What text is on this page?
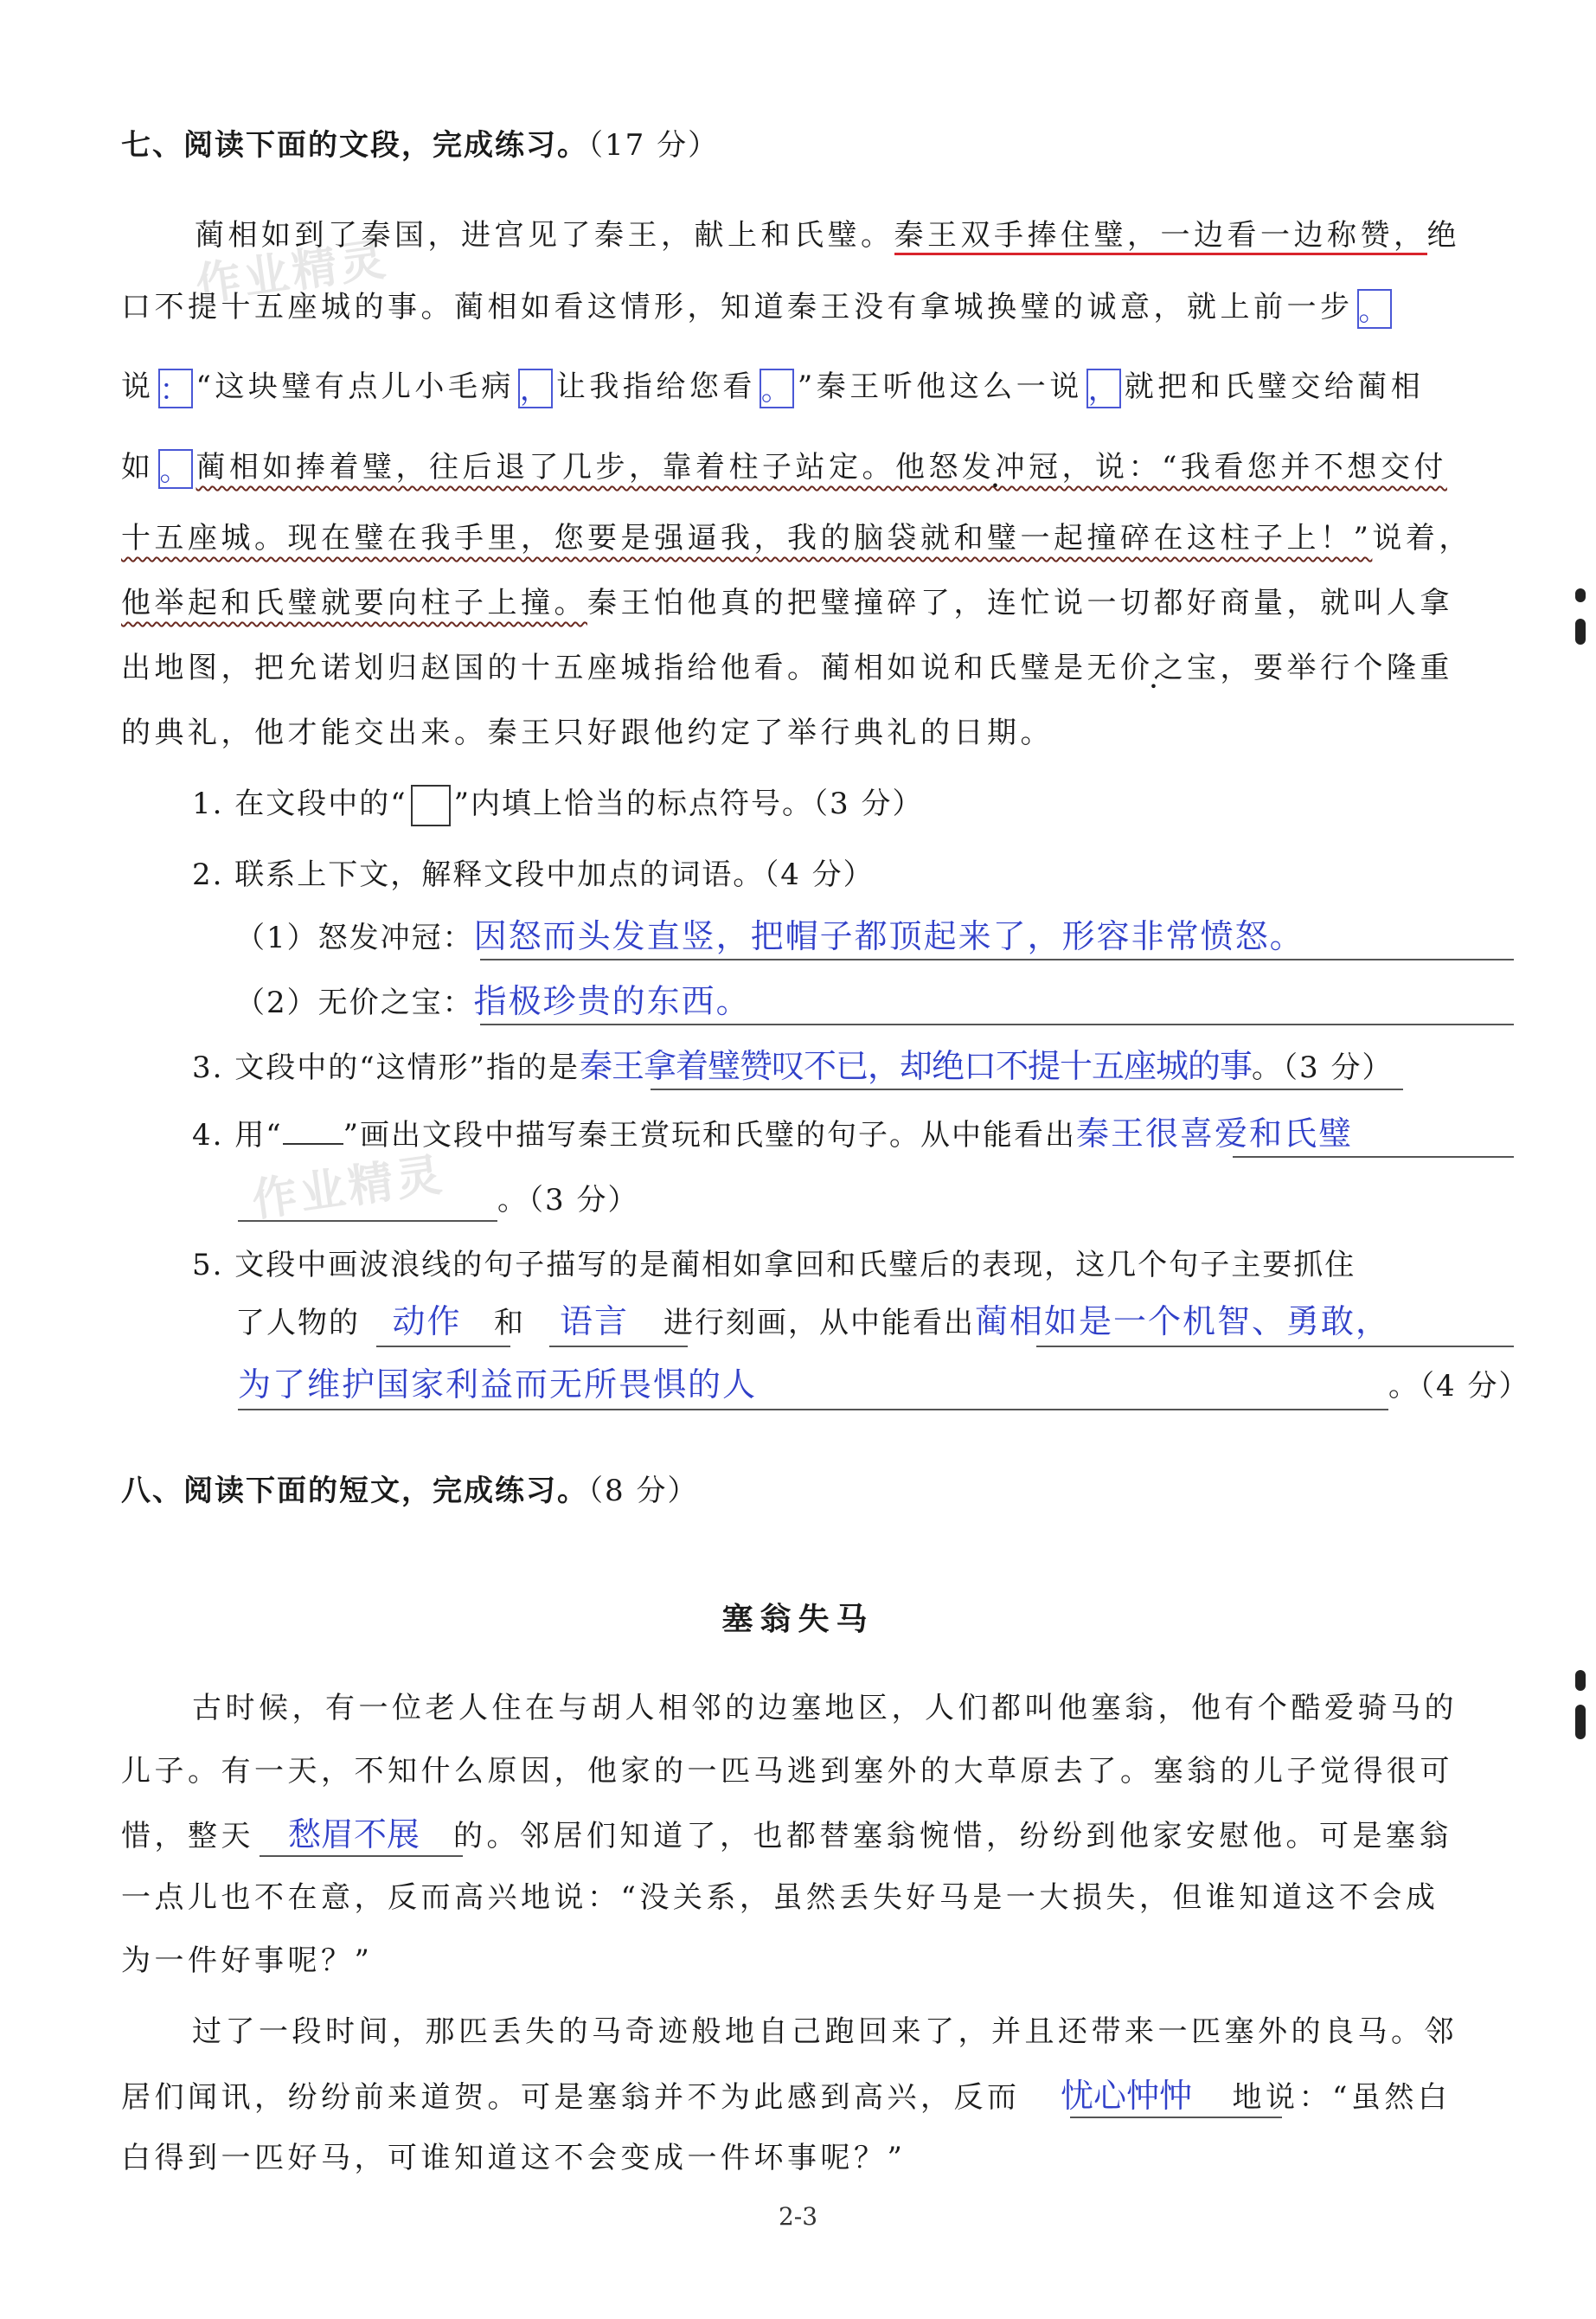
作业精灵
作业精灵
七、阅读下面的文段，完成练习。（17 分）
蔺相如到了秦国，进宫见了秦王，献上和氏璧。秦王双手捧住璧，一边看一边称赞，绝
口不提十五座城的事。蔺相如看这情形，知道秦王没有拿城换璧的诚意，就上前一步 。
说 ： “这块璧有点儿小毛病 ， 让我指给您看 。 ”秦王听他这么一说 ， 就把和氏璧交给蔺相
如 。 蔺相如捧着璧，往后退了几步，靠着柱子站定。他怒发冲冠，说：“我看您并不想交付
十五座城。现在璧在我手里，您要是强逼我，我的脑袋就和璧一起撞碎在这柱子上！”说着，
他举起和氏璧就要向柱子上撞。秦王怕他真的把璧撞碎了，连忙说一切都好商量，就叫人拿
出地图，把允诺划归赵国的十五座城指给他看。蔺相如说和氏璧是无价之宝，要举行个隆重
的典礼，他才能交出来。秦王只好跟他约定了举行典礼的日期。
1. 在文段中的“ ”内填上恰当的标点符号。（3 分）
2. 联系上下文，解释文段中加点的词语。（4 分）
（1）怒发冲冠：因怒而头发直竖，把帽子都顶起来了，形容非常愤怒。
（2）无价之宝：指极珍贵的东西。
3. 文段中的“这情形”指的是秦王拿着璧赞叹不已，却绝口不提十五座城的事。（3 分）
4. 用“ ”画出文段中描写秦王赏玩和氏璧的句子。从中能看出秦王很喜爱和氏璧
。（3 分）
5. 文段中画波浪线的句子描写的是蔺相如拿回和氏璧后的表现，这几个句子主要抓住
了人物的 动作 和 语言 进行刻画，从中能看出蔺相如是一个机智、勇敢，
为了维护国家利益而无所畏惧的人	。（4 分）
八、阅读下面的短文，完成练习。（8 分）
塞翁失马
古时候，有一位老人住在与胡人相邻的边塞地区，人们都叫他塞翁，他有个酷爱骑马的
儿子。有一天，不知什么原因，他家的一匹马逃到塞外的大草原去了。塞翁的儿子觉得很可
惜，整天 愁眉不展 的。邻居们知道了，也都替塞翁惋惜，纷纷到他家安慰他。可是塞翁
一点儿也不在意，反而高兴地说：“没关系，虽然丢失好马是一大损失，但谁知道这不会成
为一件好事呢？”
过了一段时间，那匹丢失的马奇迹般地自己跑回来了，并且还带来一匹塞外的良马。邻
居们闻讯，纷纷前来道贺。可是塞翁并不为此感到高兴，反而 忧心忡忡 地说：“虽然白
白得到一匹好马，可谁知道这不会变成一件坏事呢？”
2-3
